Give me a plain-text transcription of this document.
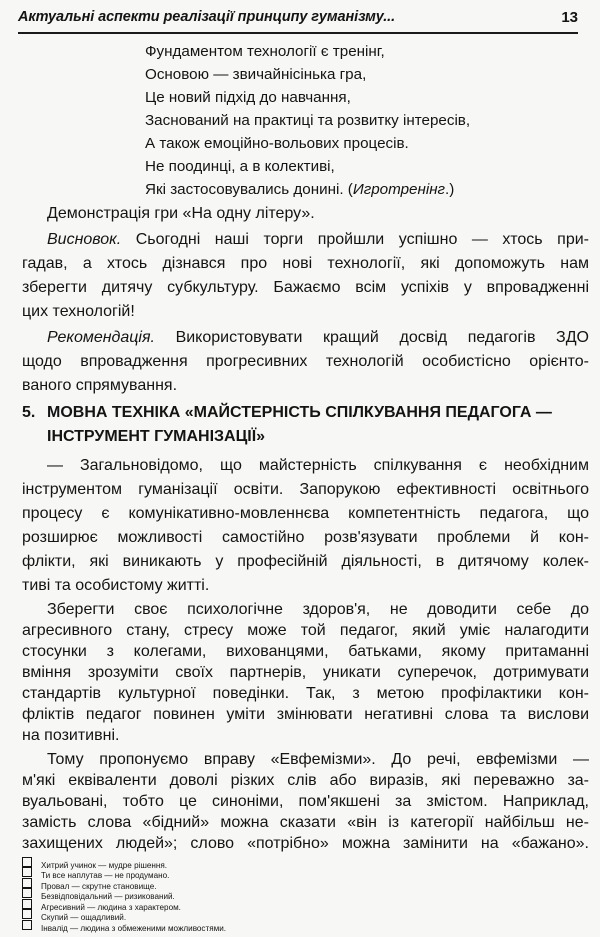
Актуальні аспекти реалізації принципу гуманізму...	13
Фундаментом технології є тренінг,
Основою — звичайнісінька гра,
Це новий підхід до навчання,
Заснований на практиці та розвитку інтересів,
А також емоційно-вольових процесів.
Не поодинці, а в колективі,
Які застосовувались донині. (Игротренінг.)
Демонстрація гри «На одну літеру».
Висновок. Сьогодні наші торги пройшли успішно — хтось при-
гадав, а хтось дізнався про нові технології, які допоможуть нам
зберегти дитячу субкультуру. Бажаємо всім успіхів у впровадженні
цих технологій!
Рекомендація. Використовувати кращий досвід педагогів ЗДО
щодо впровадження прогресивних технологій особистісно орієнто-
ваного спрямування.
5. МОВНА ТЕХНІКА «МАЙСТЕРНІСТЬ СПІЛКУВАННЯ ПЕДАГОГА —
ІНСТРУМЕНТ ГУМАНІЗАЦІЇ»
— Загальновідомо, що майстерність спілкування є необхідним
інструментом гуманізації освіти. Запорукою ефективності освітнього
процесу є комунікативно-мовленнєва компетентність педагога, що
розширює можливості самостійно розв'язувати проблеми й кон-
флікти, які виникають у професійній діяльності, в дитячому колек-
тиві та особистому житті.
Зберегти своє психологічне здоров'я, не доводити себе до
агресивного стану, стресу може той педагог, який уміє налагодити
стосунки з колегами, вихованцями, батьками, якому притаманні
вміння зрозуміти своїх партнерів, уникати суперечок, дотримувати
стандартів культурної поведінки. Так, з метою профілактики кон-
фліктів педагог повинен уміти змінювати негативні слова та вислови
на позитивні.
Тому пропонуємо вправу «Евфемізми». До речі, евфемізми —
м'які еквіваленти доволі різких слів або виразів, які переважно за-
вуальовані, тобто це синоніми, пом'якшені за змістом. Наприклад,
замість слова «бідний» можна сказати «він із категорії найбільш не-
захищених людей»; слово «потрібно» можна замінити на «бажано».
Хитрий учинок — мудре рішення.
Ти все наплутав — не продумано.
Провал — скрутне становище.
Безвідповідальний — ризикований.
Агресивний — людина з характером.
Скупий — ощадливий.
Інвалід — людина з обмеженими можливостями.
